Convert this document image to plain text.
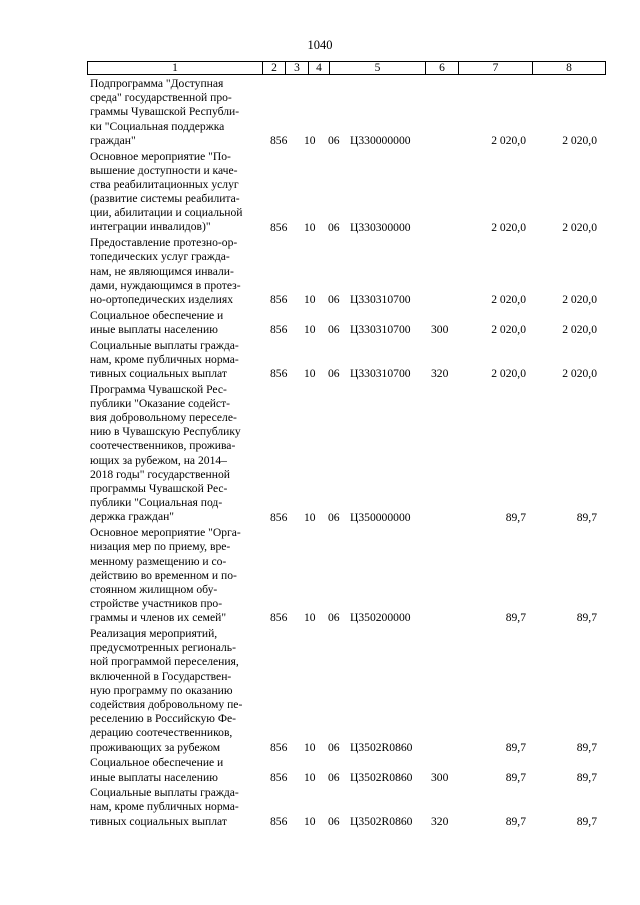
1040
1	2	3	4	5	6	7	8
Подпрограмма "Доступная
среда" государственной про-
граммы Чувашской Республи-
ки "Социальная поддержка
граждан"	856 10 06 Ц330000000	2 020,0	2 020,0
Основное мероприятие "По-
вышение доступности и каче-
ства реабилитационных услуг
(развитие системы реабилита-
ции, абилитации и социальной
интеграции инвалидов)"	856 10 06 Ц330300000	2 020,0	2 020,0
Предоставление протезно-ор-
топедических услуг гражда-
нам, не являющимся инвали-
дами, нуждающимся в протез-
но-ортопедических изделиях	856 10 06 Ц330310700	2 020,0	2 020,0
Социальное обеспечение и
иные выплаты населению	856 10 06 Ц330310700 300	2 020,0	2 020,0
Социальные выплаты гражда-
нам, кроме публичных норма-
тивных социальных выплат	856 10 06 Ц330310700 320	2 020,0	2 020,0
Программа Чувашской Рес-
публики "Оказание содейст-
вия добровольному переселе-
нию в Чувашскую Республику
соотечественников, прожива-
ющих за рубежом, на 2014–
2018 годы" государственной
программы Чувашской Рес-
публики "Социальная под-
держка граждан"	856 10 06 Ц350000000	89,7	89,7
Основное мероприятие "Орга-
низация мер по приему, вре-
менному размещению и со-
действию во временном и по-
стоянном жилищном обу-
стройстве участников про-
граммы и членов их семей"	856 10 06 Ц350200000	89,7	89,7
Реализация мероприятий,
предусмотренных региональ-
ной программой переселения,
включенной в Государствен-
ную программу по оказанию
содействия добровольному пе-
реселению в Российскую Фе-
дерацию соотечественников,
проживающих за рубежом	856 10 06 Ц3502R0860	89,7	89,7
Социальное обеспечение и
иные выплаты населению	856 10 06 Ц3502R0860 300	89,7	89,7
Социальные выплаты гражда-
нам, кроме публичных норма-
тивных социальных выплат	856 10 06 Ц3502R0860 320	89,7	89,7
